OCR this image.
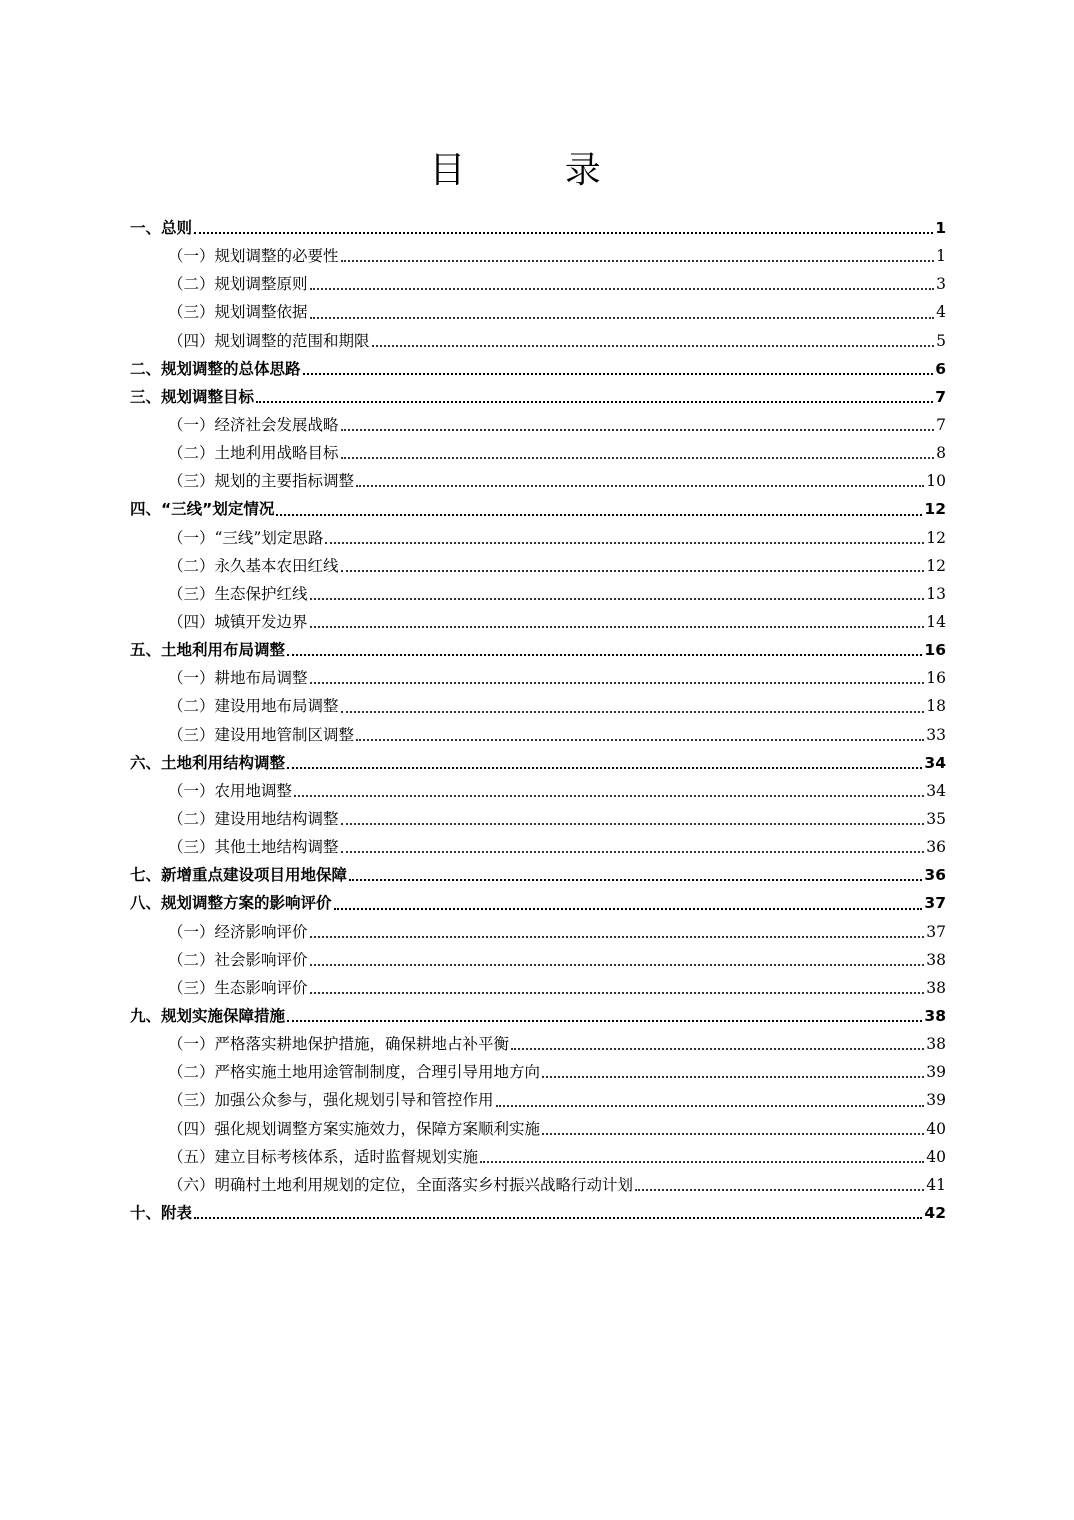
目 录
一、总则	1
（一）规划调整的必要性	1
（二）规划调整原则	3
（三）规划调整依据	4
（四）规划调整的范围和期限	5
二、规划调整的总体思路	6
三、规划调整目标	7
（一）经济社会发展战略	7
（二）土地利用战略目标	8
（三）规划的主要指标调整	10
四、“三线”划定情况	12
（一）“三线”划定思路	12
（二）永久基本农田红线	12
（三）生态保护红线	13
（四）城镇开发边界	14
五、土地利用布局调整	16
（一）耕地布局调整	16
（二）建设用地布局调整	18
（三）建设用地管制区调整	33
六、土地利用结构调整	34
（一）农用地调整	34
（二）建设用地结构调整	35
（三）其他土地结构调整	36
七、新增重点建设项目用地保障	36
八、规划调整方案的影响评价	37
（一）经济影响评价	37
（二）社会影响评价	38
（三）生态影响评价	38
九、规划实施保障措施	38
（一）严格落实耕地保护措施，确保耕地占补平衡	38
（二）严格实施土地用途管制制度，合理引导用地方向	39
（三）加强公众参与，强化规划引导和管控作用	39
（四）强化规划调整方案实施效力，保障方案顺利实施	40
（五）建立目标考核体系，适时监督规划实施	40
（六）明确村土地利用规划的定位，全面落实乡村振兴战略行动计划	41
十、附表	42
